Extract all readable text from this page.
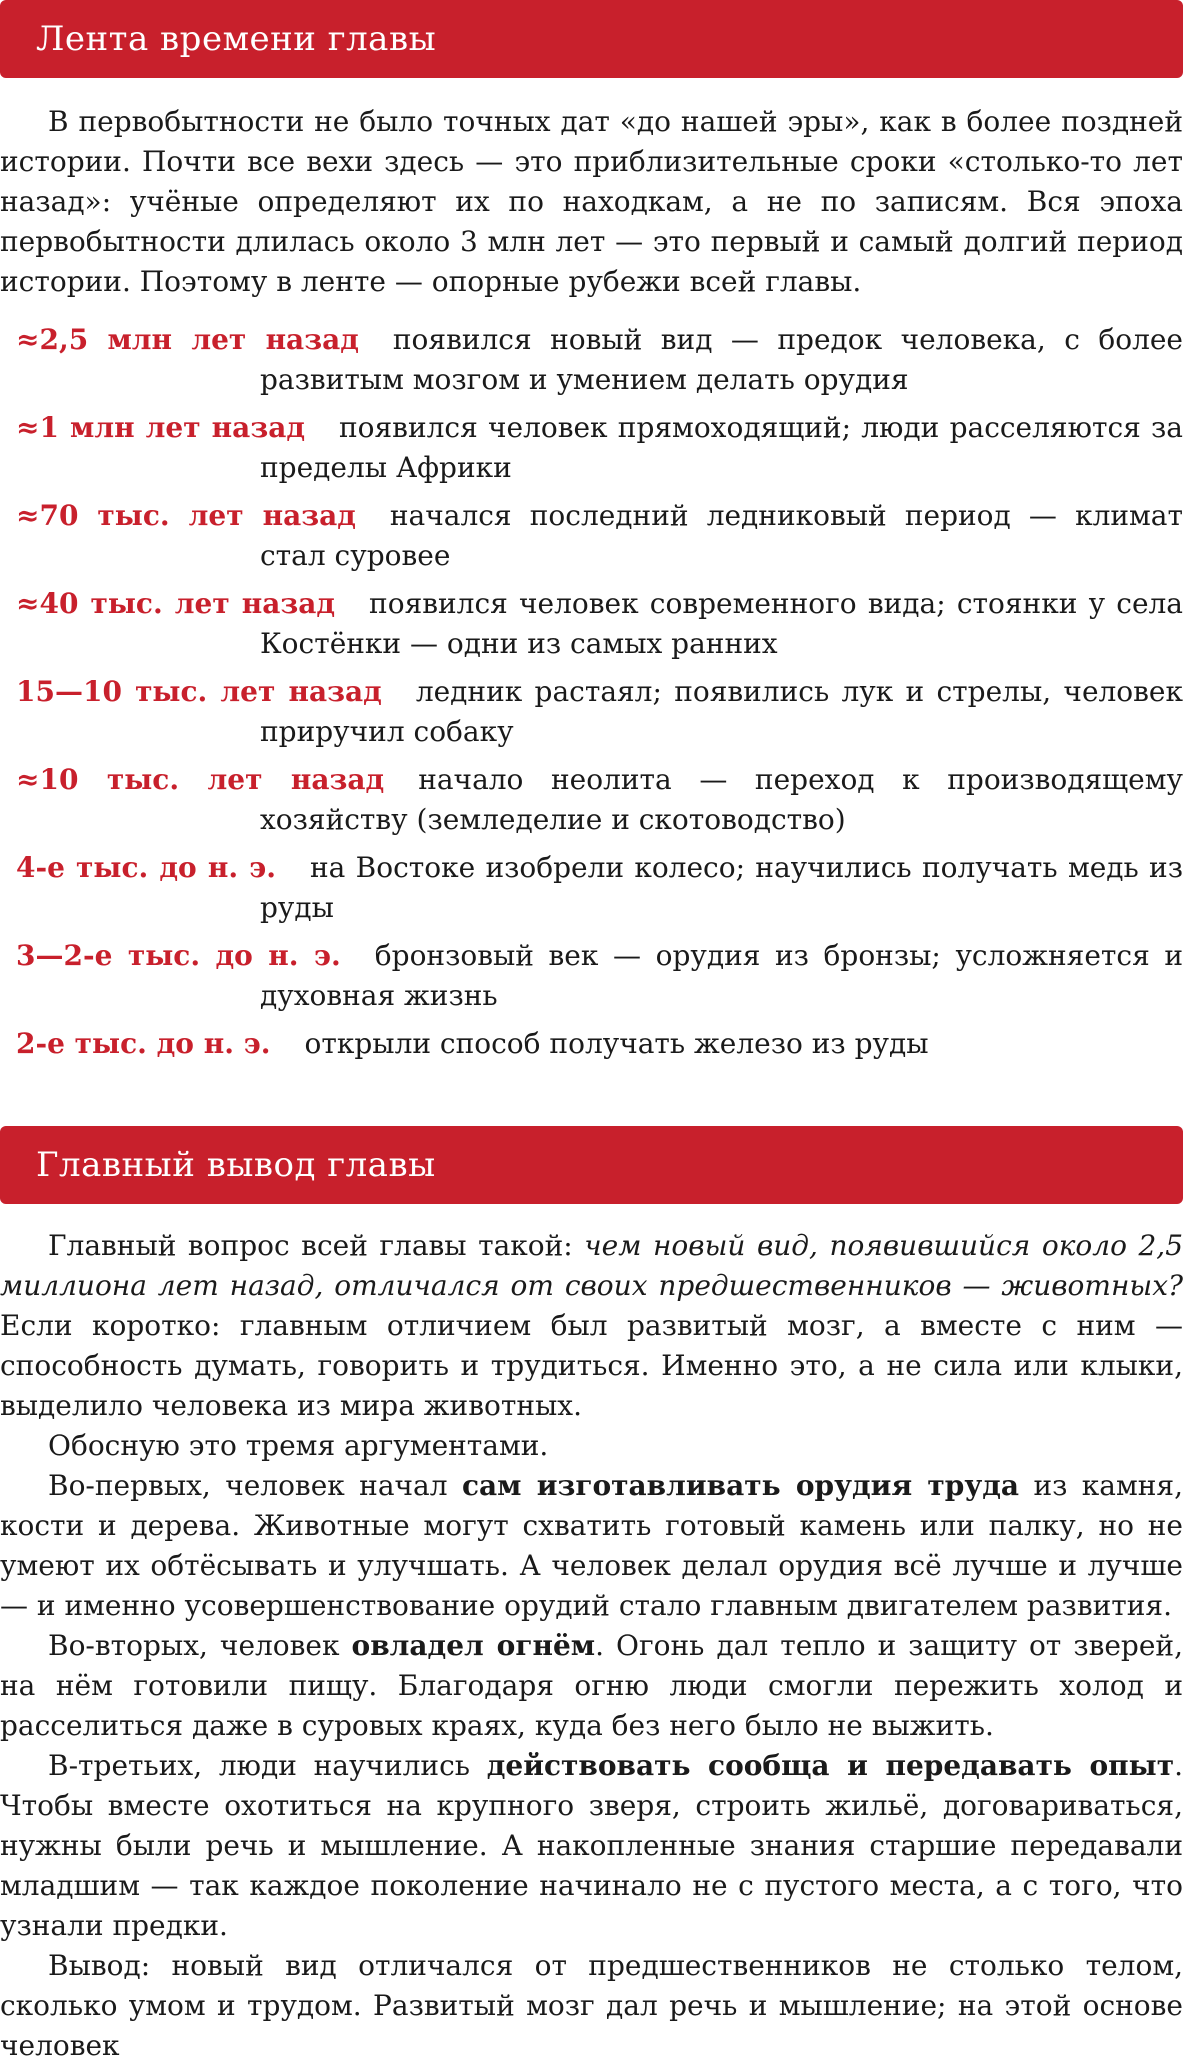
Лента времени главы

В первобытности не было точных дат «до нашей эры», как в более поздней истории. Почти все вехи здесь — это приблизительные сроки «столько-то лет назад»: учёные определяют их по находкам, а не по записям. Вся эпоха первобытности длилась около 3 млн лет — это первый и самый долгий период истории. Поэтому в ленте — опорные рубежи всей главы.

≈2,5 млн лет назад появился новый вид — предок человека, с более развитым мозгом и умением делать орудия
≈1 млн лет назад появился человек прямоходящий; люди расселяются за пределы Африки
≈70 тыс. лет назад начался последний ледниковый период — климат стал суровее
≈40 тыс. лет назад появился человек современного вида; стоянки у села Костёнки — одни из самых ранних
15—10 тыс. лет назад ледник растаял; появились лук и стрелы, человек приручил собаку
≈10 тыс. лет назад начало неолита — переход к производящему хозяйству (земледелие и скотоводство)
4-е тыс. до н. э. на Востоке изобрели колесо; научились получать медь из руды
3—2-е тыс. до н. э. бронзовый век — орудия из бронзы; усложняется и духовная жизнь
2-е тыс. до н. э. открыли способ получать железо из руды
Главный вывод главы

Главный вопрос всей главы такой: чем новый вид, появившийся около 2,5 миллиона лет назад, отличался от своих предшественников — животных? Если коротко: главным отличием был развитый мозг, а вместе с ним — способность думать, говорить и трудиться. Именно это, а не сила или клыки, выделило человека из мира животных.

Обосную это тремя аргументами.

Во-первых, человек начал сам изготавливать орудия труда из камня, кости и дерева. Животные могут схватить готовый камень или палку, но не умеют их обтёсывать и улучшать. А человек делал орудия всё лучше и лучше — и именно усовершенствование орудий стало главным двигателем развития.

Во-вторых, человек овладел огнём. Огонь дал тепло и защиту от зверей, на нём готовили пищу. Благодаря огню люди смогли пережить холод и расселиться даже в суровых краях, куда без него было не выжить.

В-третьих, люди научились действовать сообща и передавать опыт. Чтобы вместе охотиться на крупного зверя, строить жильё, договариваться, нужны были речь и мышление. А накопленные знания старшие передавали младшим — так каждое поколение начинало не с пустого места, а с того, что узнали предки.

Вывод: новый вид отличался от предшественников не столько телом, сколько умом и трудом. Развитый мозг дал речь и мышление; на этой основе человек
